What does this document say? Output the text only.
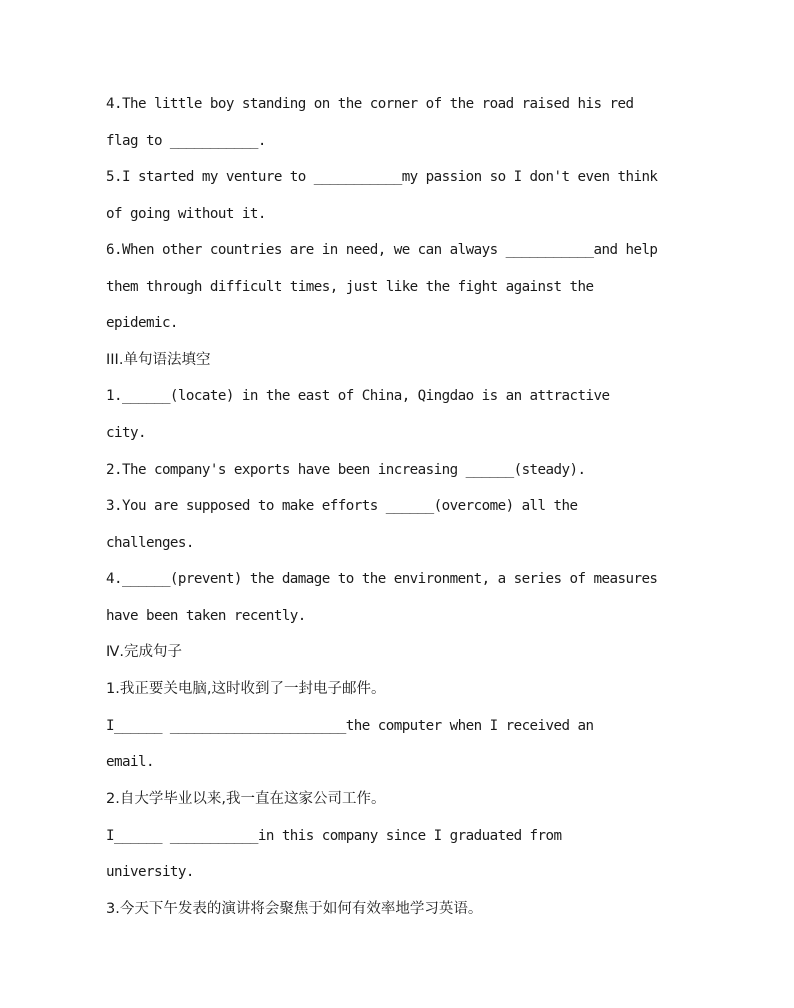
4.The little boy standing on the corner of the road raised his red
flag to ___________.
5.I started my venture to ___________my passion so I don't even think
of going without it.
6.When other countries are in need, we can always ___________and help
them through difficult times, just like the fight against the
epidemic.
III.单句语法填空
1.______(locate) in the east of China, Qingdao is an attractive
city.
2.The company's exports have been increasing ______(steady).
3.You are supposed to make efforts ______(overcome) all the
challenges.
4.______(prevent) the damage to the environment, a series of measures
have been taken recently.
Ⅳ.完成句子
1.我正要关电脑,这时收到了一封电子邮件。
I______ ______________________the computer when I received an
email.
2.自大学毕业以来,我一直在这家公司工作。
I______ ___________in this company since I graduated from
university.
3.今天下午发表的演讲将会聚焦于如何有效率地学习英语。
